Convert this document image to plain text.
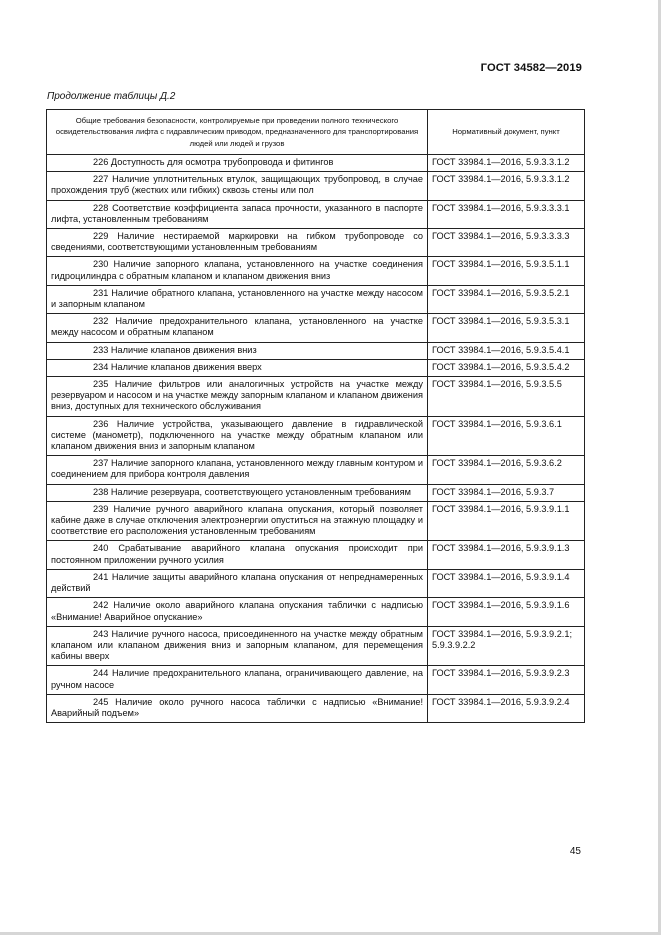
ГОСТ 34582—2019
Продолжение таблицы Д.2
Общие требования безопасности, контролируемые при проведении полного технического освидетельствования лифта с гидравлическим приводом, предназначенного для транспортирования людей или людей и грузов	Нормативный документ, пункт
226 Доступность для осмотра трубопровода и фитингов	ГОСТ 33984.1—2016, 5.9.3.3.1.2
227 Наличие уплотнительных втулок, защищающих трубопровод, в случае прохождения труб (жестких или гибких) сквозь стены или пол	ГОСТ 33984.1—2016, 5.9.3.3.1.2
228 Соответствие коэффициента запаса прочности, указанного в паспорте лифта, установленным требованиям	ГОСТ 33984.1—2016, 5.9.3.3.3.1
229 Наличие нестираемой маркировки на гибком трубопроводе со сведениями, соответствующими установленным требованиям	ГОСТ 33984.1—2016, 5.9.3.3.3.3
230 Наличие запорного клапана, установленного на участке соединения гидроцилиндра с обратным клапаном и клапаном движения вниз	ГОСТ 33984.1—2016, 5.9.3.5.1.1
231 Наличие обратного клапана, установленного на участке между насосом и запорным клапаном	ГОСТ 33984.1—2016, 5.9.3.5.2.1
232 Наличие предохранительного клапана, установленного на участке между насосом и обратным клапаном	ГОСТ 33984.1—2016, 5.9.3.5.3.1
233 Наличие клапанов движения вниз	ГОСТ 33984.1—2016, 5.9.3.5.4.1
234 Наличие клапанов движения вверх	ГОСТ 33984.1—2016, 5.9.3.5.4.2
235 Наличие фильтров или аналогичных устройств на участке между резервуаром и насосом и на участке между запорным клапаном и клапаном движения вниз, доступных для технического обслуживания	ГОСТ 33984.1—2016, 5.9.3.5.5
236 Наличие устройства, указывающего давление в гидравлической системе (манометр), подключенного на участке между обратным клапаном или клапаном движения вниз и запорным клапаном	ГОСТ 33984.1—2016, 5.9.3.6.1
237 Наличие запорного клапана, установленного между главным контуром и соединением для прибора контроля давления	ГОСТ 33984.1—2016, 5.9.3.6.2
238 Наличие резервуара, соответствующего установленным требованиям	ГОСТ 33984.1—2016, 5.9.3.7
239 Наличие ручного аварийного клапана опускания, который позволяет кабине даже в случае отключения электроэнергии опуститься на этажную площадку и соответствие его расположения установленным требованиям	ГОСТ 33984.1—2016, 5.9.3.9.1.1
240 Срабатывание аварийного клапана опускания происходит при постоянном приложении ручного усилия	ГОСТ 33984.1—2016, 5.9.3.9.1.3
241 Наличие защиты аварийного клапана опускания от непреднамеренных действий	ГОСТ 33984.1—2016, 5.9.3.9.1.4
242 Наличие около аварийного клапана опускания таблички с надписью «Внимание! Аварийное опускание»	ГОСТ 33984.1—2016, 5.9.3.9.1.6
243 Наличие ручного насоса, присоединенного на участке между обратным клапаном или клапаном движения вниз и запорным клапаном, для перемещения кабины вверх	ГОСТ 33984.1—2016, 5.9.3.9.2.1; 5.9.3.9.2.2
244 Наличие предохранительного клапана, ограничивающего давление, на ручном насосе	ГОСТ 33984.1—2016, 5.9.3.9.2.3
245 Наличие около ручного насоса таблички с надписью «Внимание! Аварийный подъем»	ГОСТ 33984.1—2016, 5.9.3.9.2.4
45
